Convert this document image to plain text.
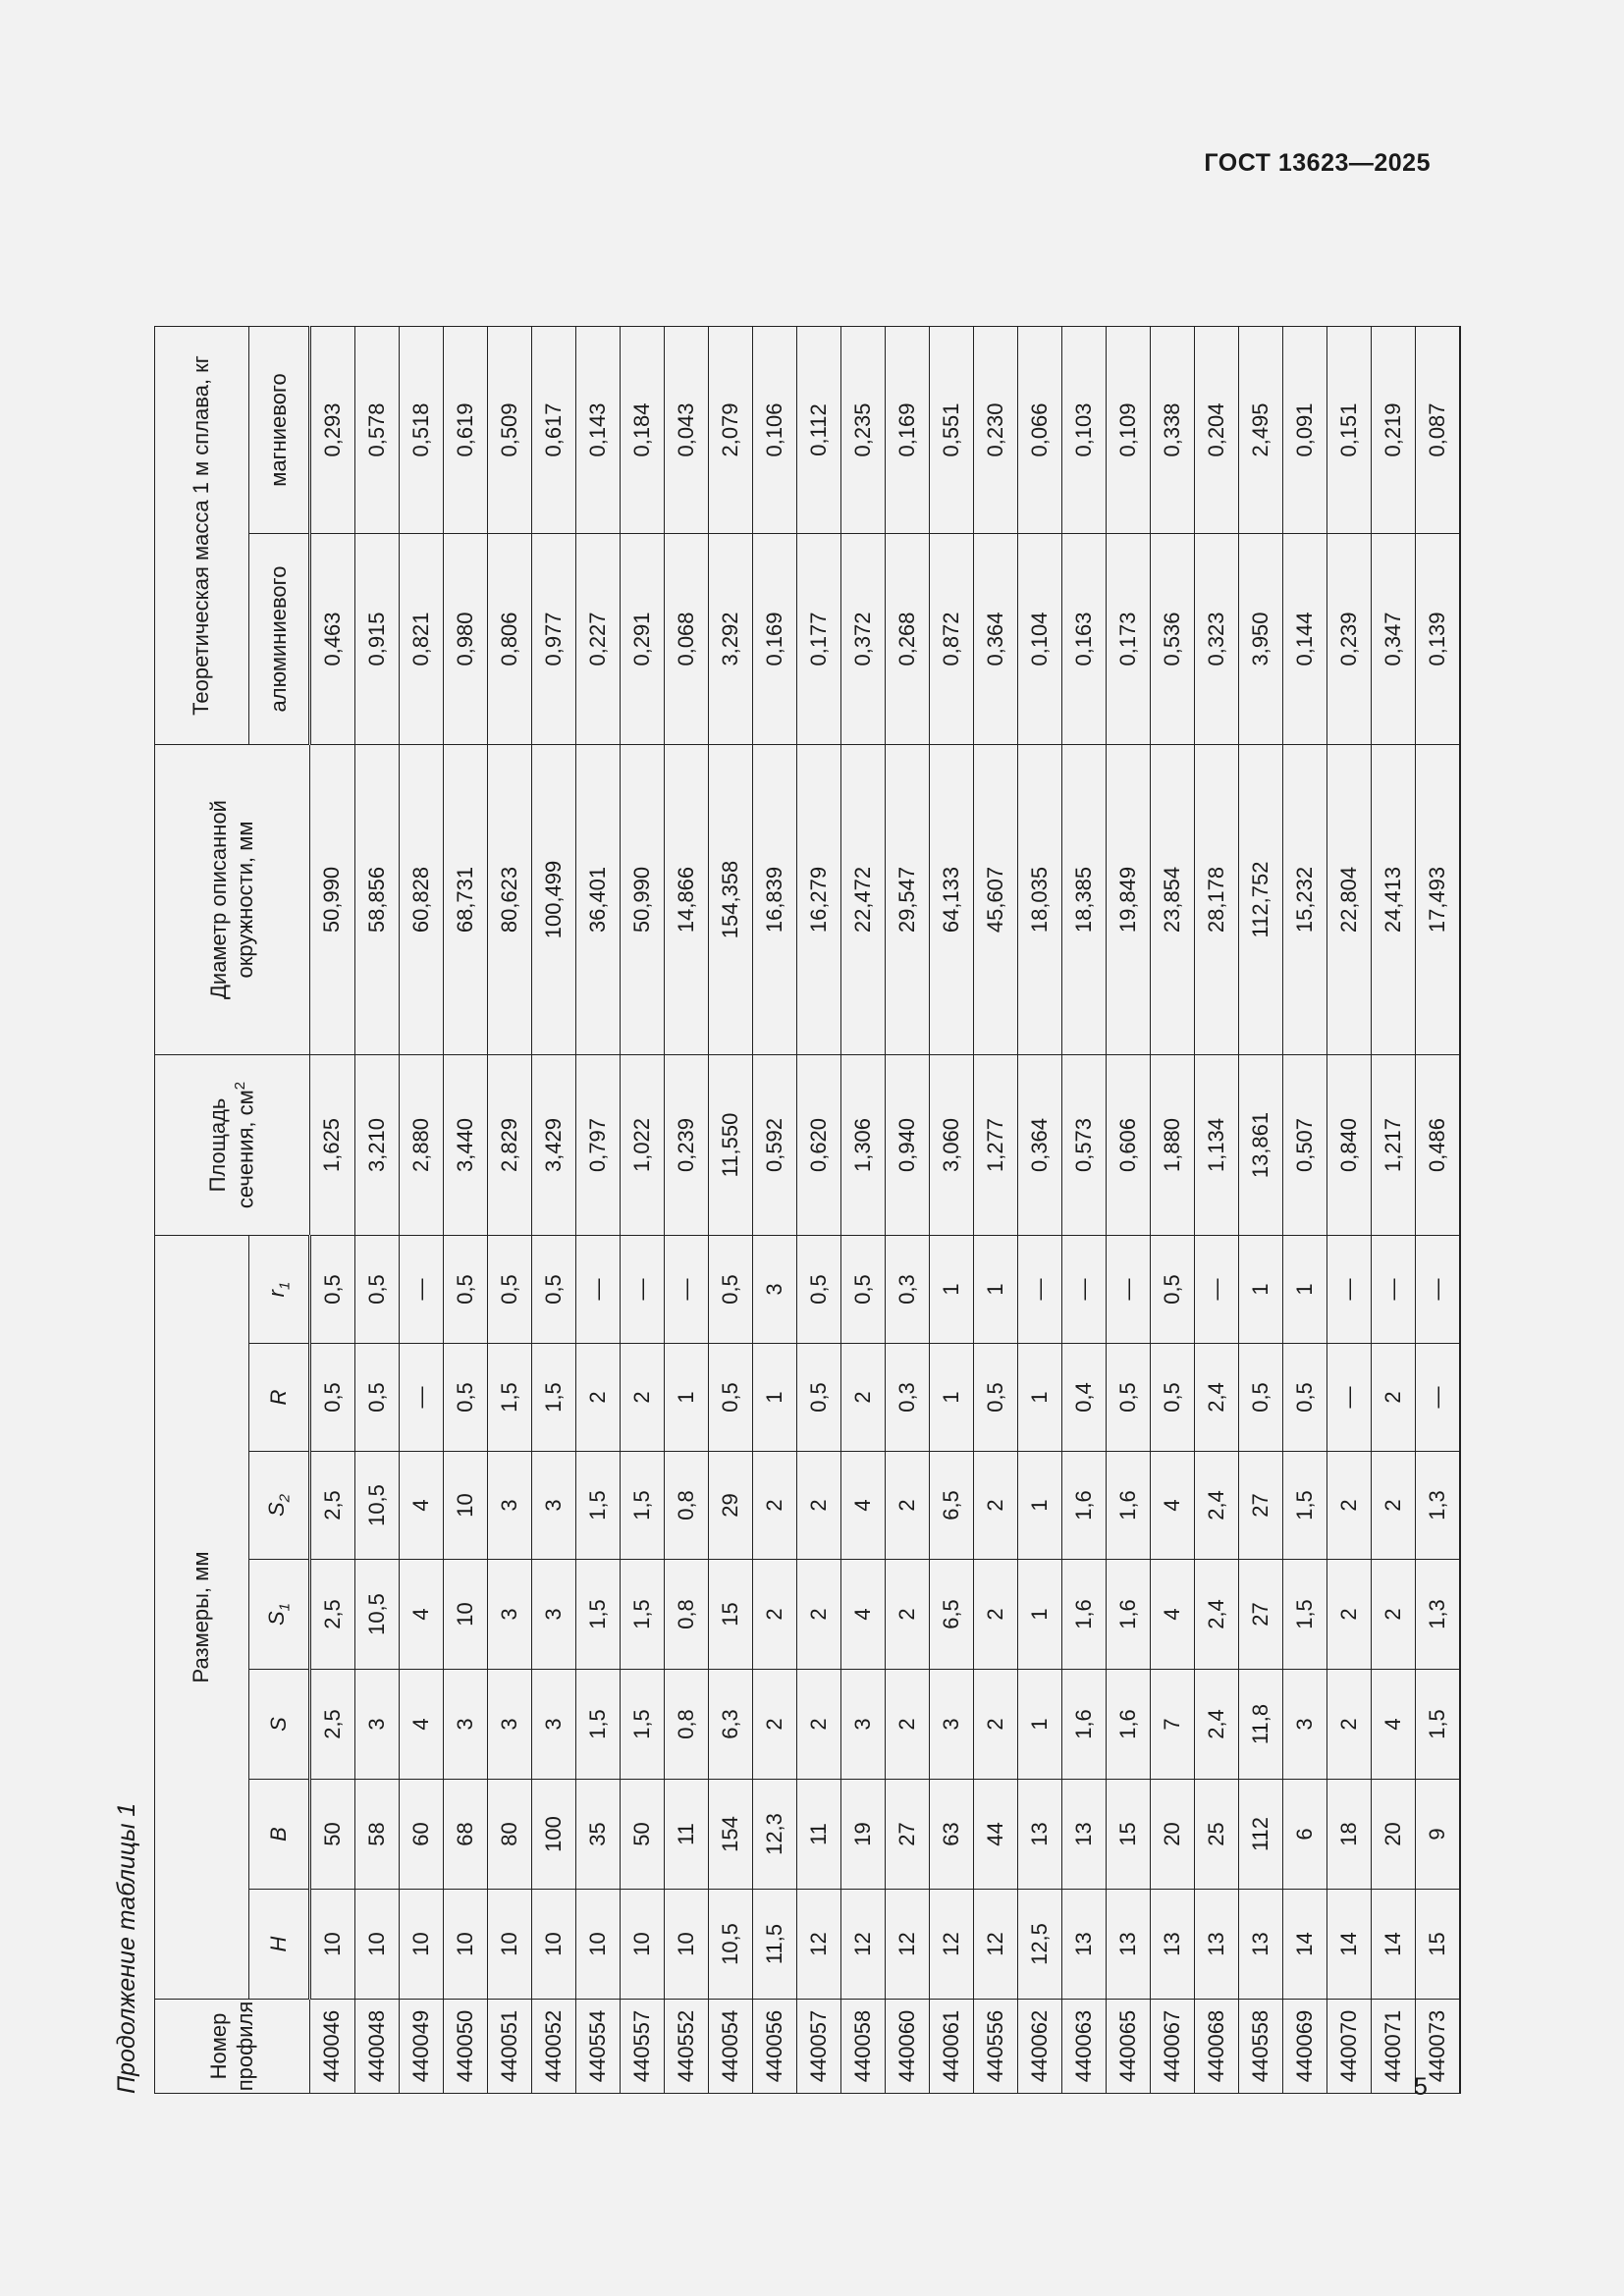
ГОСТ 13623—2025
Продолжение таблицы 1	Номер профиля	Размеры, мм							Площадь сечения, $см^2$	Диаметр описанной окружности, мм	Теоретическая масса 1 м сплава, кг	
	H	B	S	$S_1$	$S_2$	R	$r_1$			алюминиевого	магниевого
440046	10	50	2,5	2,5	2,5	0,5	0,5	1,625	50,990	0,463	0,293
440048	10	58	3	10,5	10,5	0,5	0,5	3,210	58,856	0,915	0,578
440049	10	60	4	4	4	—	—	2,880	60,828	0,821	0,518
440050	10	68	3	10	10	0,5	0,5	3,440	68,731	0,980	0,619
440051	10	80	3	3	3	1,5	0,5	2,829	80,623	0,806	0,509
440052	10	100	3	3	3	1,5	0,5	3,429	100,499	0,977	0,617
440554	10	35	1,5	1,5	1,5	2	—	0,797	36,401	0,227	0,143
440557	10	50	1,5	1,5	1,5	2	—	1,022	50,990	0,291	0,184
440552	10	11	0,8	0,8	0,8	1	—	0,239	14,866	0,068	0,043
440054	10,5	154	6,3	15	29	0,5	0,5	11,550	154,358	3,292	2,079
440056	11,5	12,3	2	2	2	1	3	0,592	16,839	0,169	0,106
440057	12	11	2	2	2	0,5	0,5	0,620	16,279	0,177	0,112
440058	12	19	3	4	4	2	0,5	1,306	22,472	0,372	0,235
440060	12	27	2	2	2	0,3	0,3	0,940	29,547	0,268	0,169
440061	12	63	3	6,5	6,5	1	1	3,060	64,133	0,872	0,551
440556	12	44	2	2	2	0,5	1	1,277	45,607	0,364	0,230
440062	12,5	13	1	1	1	1	—	0,364	18,035	0,104	0,066
440063	13	13	1,6	1,6	1,6	0,4	—	0,573	18,385	0,163	0,103
440065	13	15	1,6	1,6	1,6	0,5	—	0,606	19,849	0,173	0,109
440067	13	20	7	4	4	0,5	0,5	1,880	23,854	0,536	0,338
440068	13	25	2,4	2,4	2,4	2,4	—	1,134	28,178	0,323	0,204
440558	13	112	11,8	27	27	0,5	1	13,861	112,752	3,950	2,495
440069	14	6	3	1,5	1,5	0,5	1	0,507	15,232	0,144	0,091
440070	14	18	2	2	2	—	—	0,840	22,804	0,239	0,151
440071	14	20	4	2	2	2	—	1,217	24,413	0,347	0,219
440073	15	9	1,5	1,3	1,3	—	—	0,486	17,493	0,139	0,087
5
